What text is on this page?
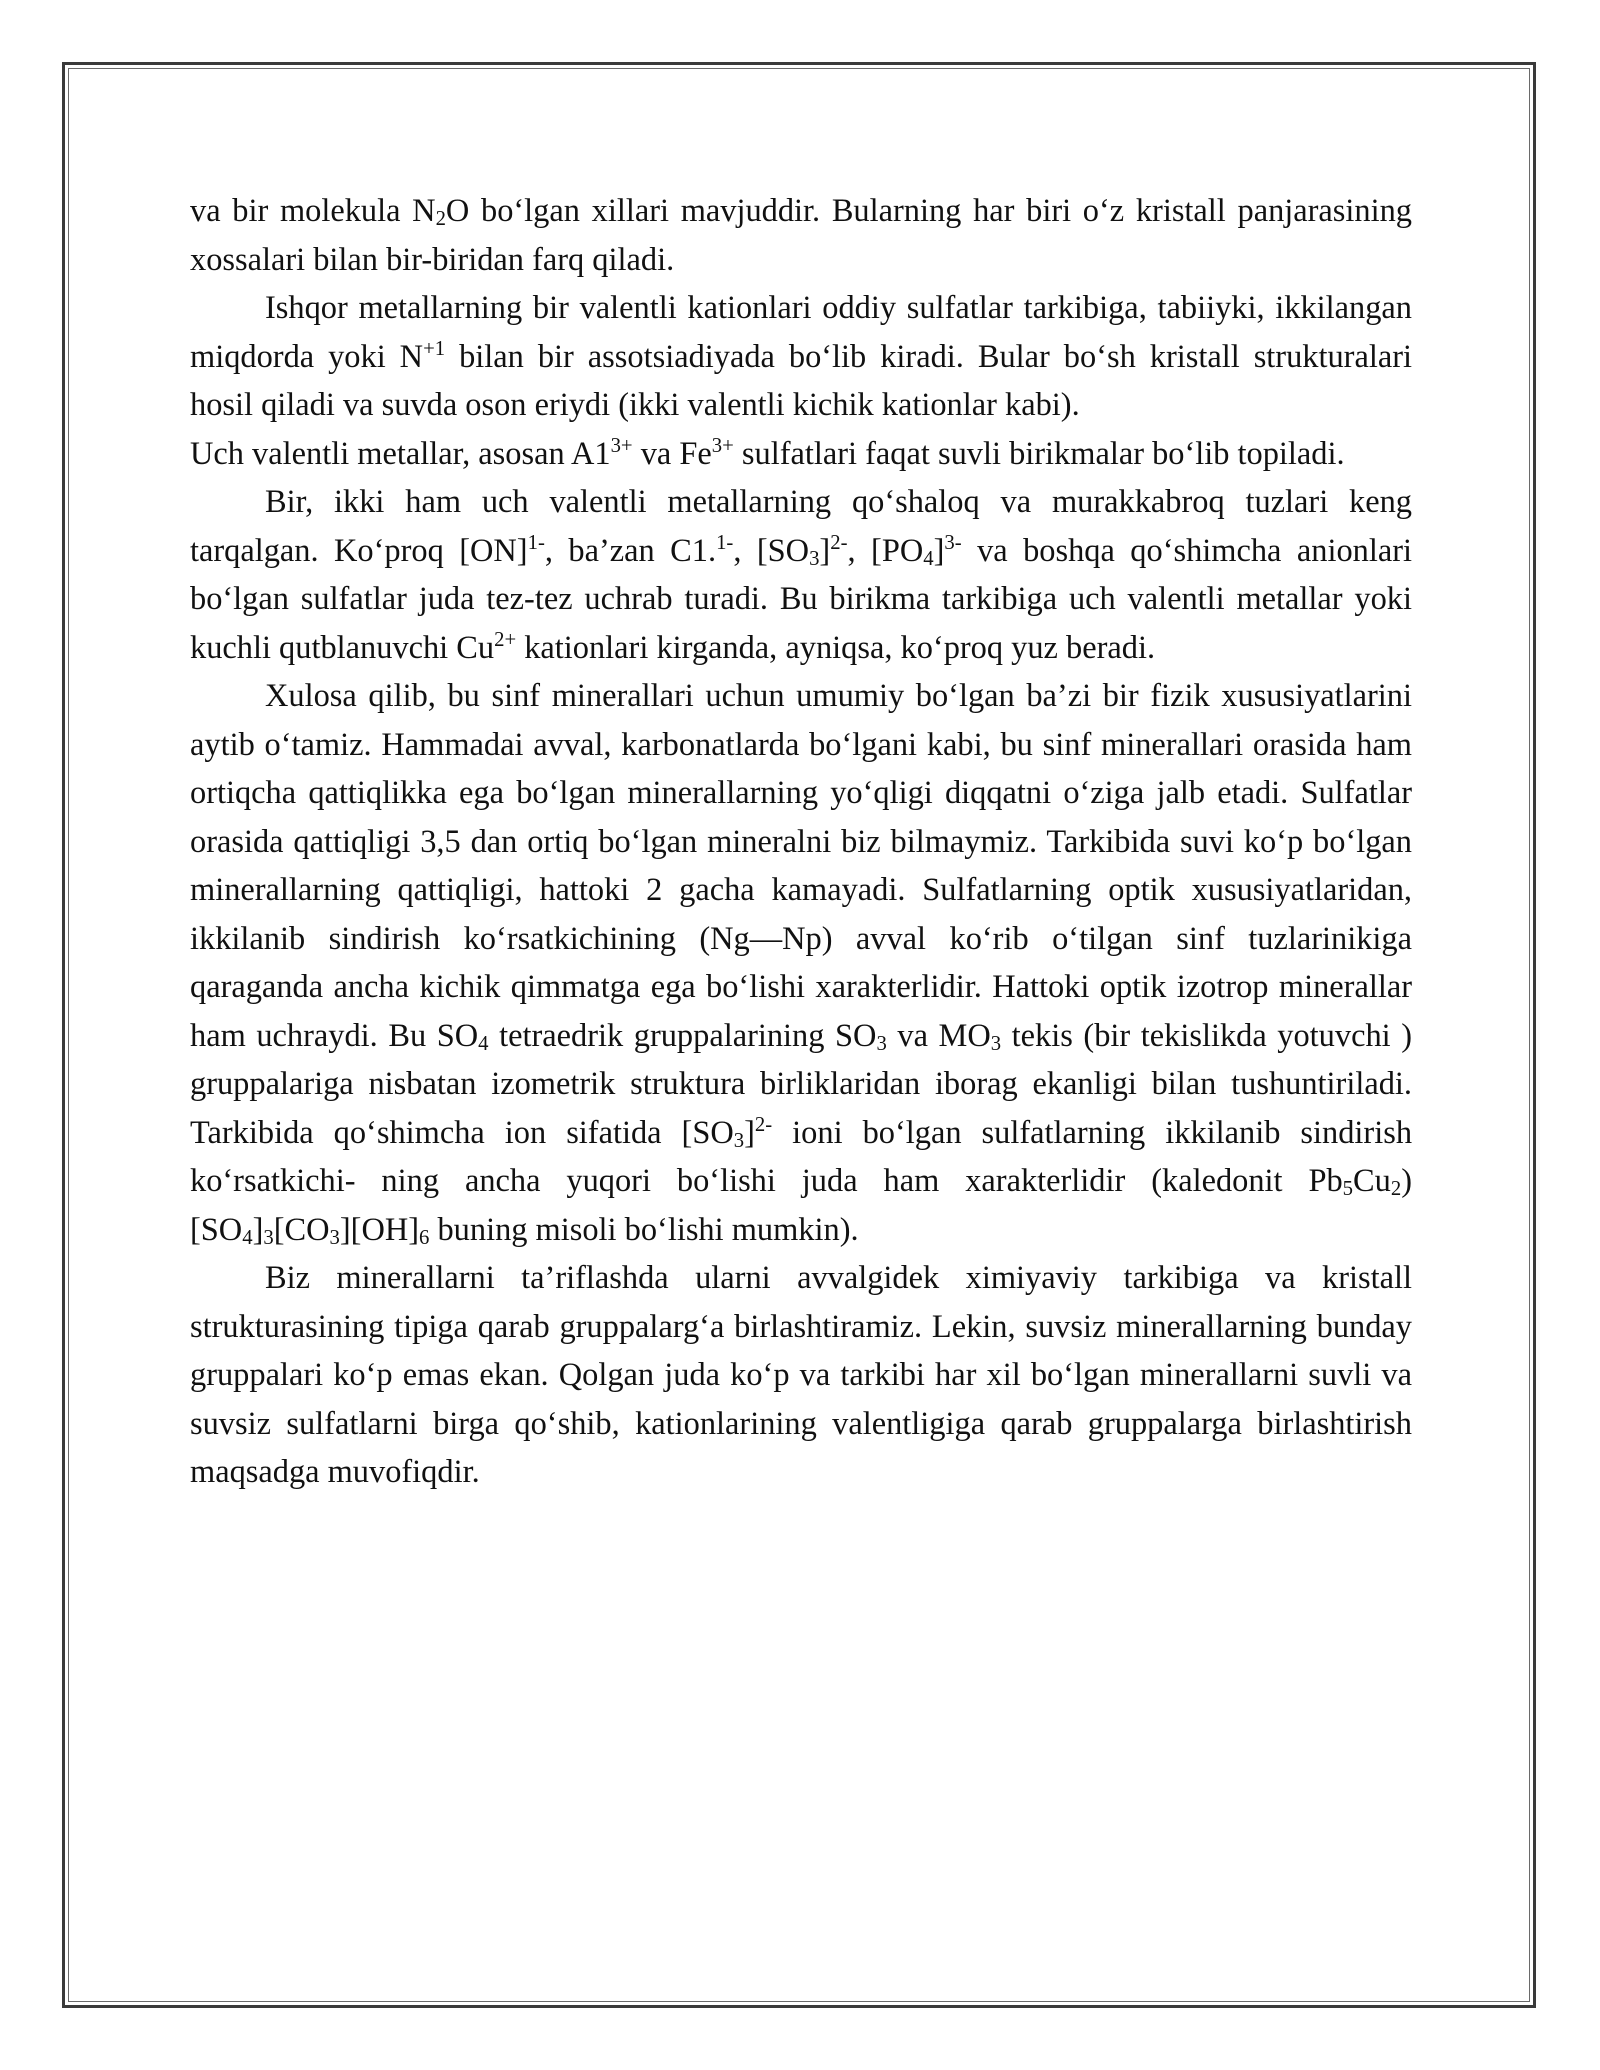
va bir molekula $N_2O$ bo‘lgan xillari mavjuddir. Bularning har biri o‘z kristall panjarasining xossalari bilan bir-biridan farq qiladi.

Ishqor metallarning bir valentli kationlari oddiy sulfatlar tarkibiga, tabiiyki, ikkilangan miqdorda yoki $N^{+1}$ bilan bir assotsiadiyada bo‘lib kiradi. Bular bo‘sh kristall strukturalari hosil qiladi va suvda oson eriydi (ikki valentli kichik kationlar kabi).

Uch valentli metallar, asosan $A1^{3+}$ va $Fe^{3+}$ sulfatlari faqat suvli birikmalar bo‘lib topiladi.

Bir, ikki ham uch valentli metallarning qo‘shaloq va murakkabroq tuzlari keng tarqalgan. Ko‘proq [ON]$^{1-}$, ba’zan C1.$^{1-}$, $[SO_3]^{2-}$, $[PO_4]^{3-}$ va boshqa qo‘shimcha anionlari bo‘lgan sulfatlar juda tez-tez uchrab turadi. Bu birikma tarkibiga uch valentli metallar yoki kuchli qutblanuvchi $Cu^{2+}$ kationlari kirganda, ayniqsa, ko‘proq yuz beradi.

Xulosa qilib, bu sinf minerallari uchun umumiy bo‘lgan ba’zi bir fizik xususiyatlarini aytib o‘tamiz. Hammadai avval, karbonatlarda bo‘lgani kabi, bu sinf minerallari orasida ham ortiqcha qattiqlikka ega bo‘lgan minerallarning yo‘qligi diqqatni o‘ziga jalb etadi. Sulfatlar orasida qattiqligi 3,5 dan ortiq bo‘lgan mineralni biz bilmaymiz. Tarkibida suvi ko‘p bo‘lgan minerallarning qattiqligi, hattoki 2 gacha kamayadi. Sulfatlarning optik xususiyatlaridan, ikkilanib sindirish ko‘rsatkichining (Ng—Np) avval ko‘rib o‘tilgan sinf tuzlarinikiga qaraganda ancha kichik qimmatga ega bo‘lishi xarakterlidir. Hattoki optik izotrop minerallar ham uchraydi. Bu $SO_4$ tetraedrik gruppalarining $SO_3$ va $MO_3$ tekis (bir tekislikda yotuvchi ) gruppalariga nisbatan izometrik struktura birliklaridan iborag ekanligi bilan tushuntiriladi. Tarkibida qo‘shimcha ion sifatida $[SO_3]^{2-}$ ioni bo‘lgan sulfatlarning ikkilanib sindirish ko‘rsatkichi- ning ancha yuqori bo‘lishi juda ham xarakterlidir (kaledonit $Pb_5Cu_2$) $[SO_4]_3[CO_3][OH]_6$ buning misoli bo‘lishi mumkin).

Biz minerallarni ta’riflashda ularni avvalgidek ximiyaviy tarkibiga va kristall strukturasining tipiga qarab gruppalarg‘a birlashtiramiz. Lekin, suvsiz minerallarning bunday gruppalari ko‘p emas ekan. Qolgan juda ko‘p va tarkibi har xil bo‘lgan minerallarni suvli va suvsiz sulfatlarni birga qo‘shib, kationlarining valentligiga qarab gruppalarga birlashtirish maqsadga muvofiqdir.
